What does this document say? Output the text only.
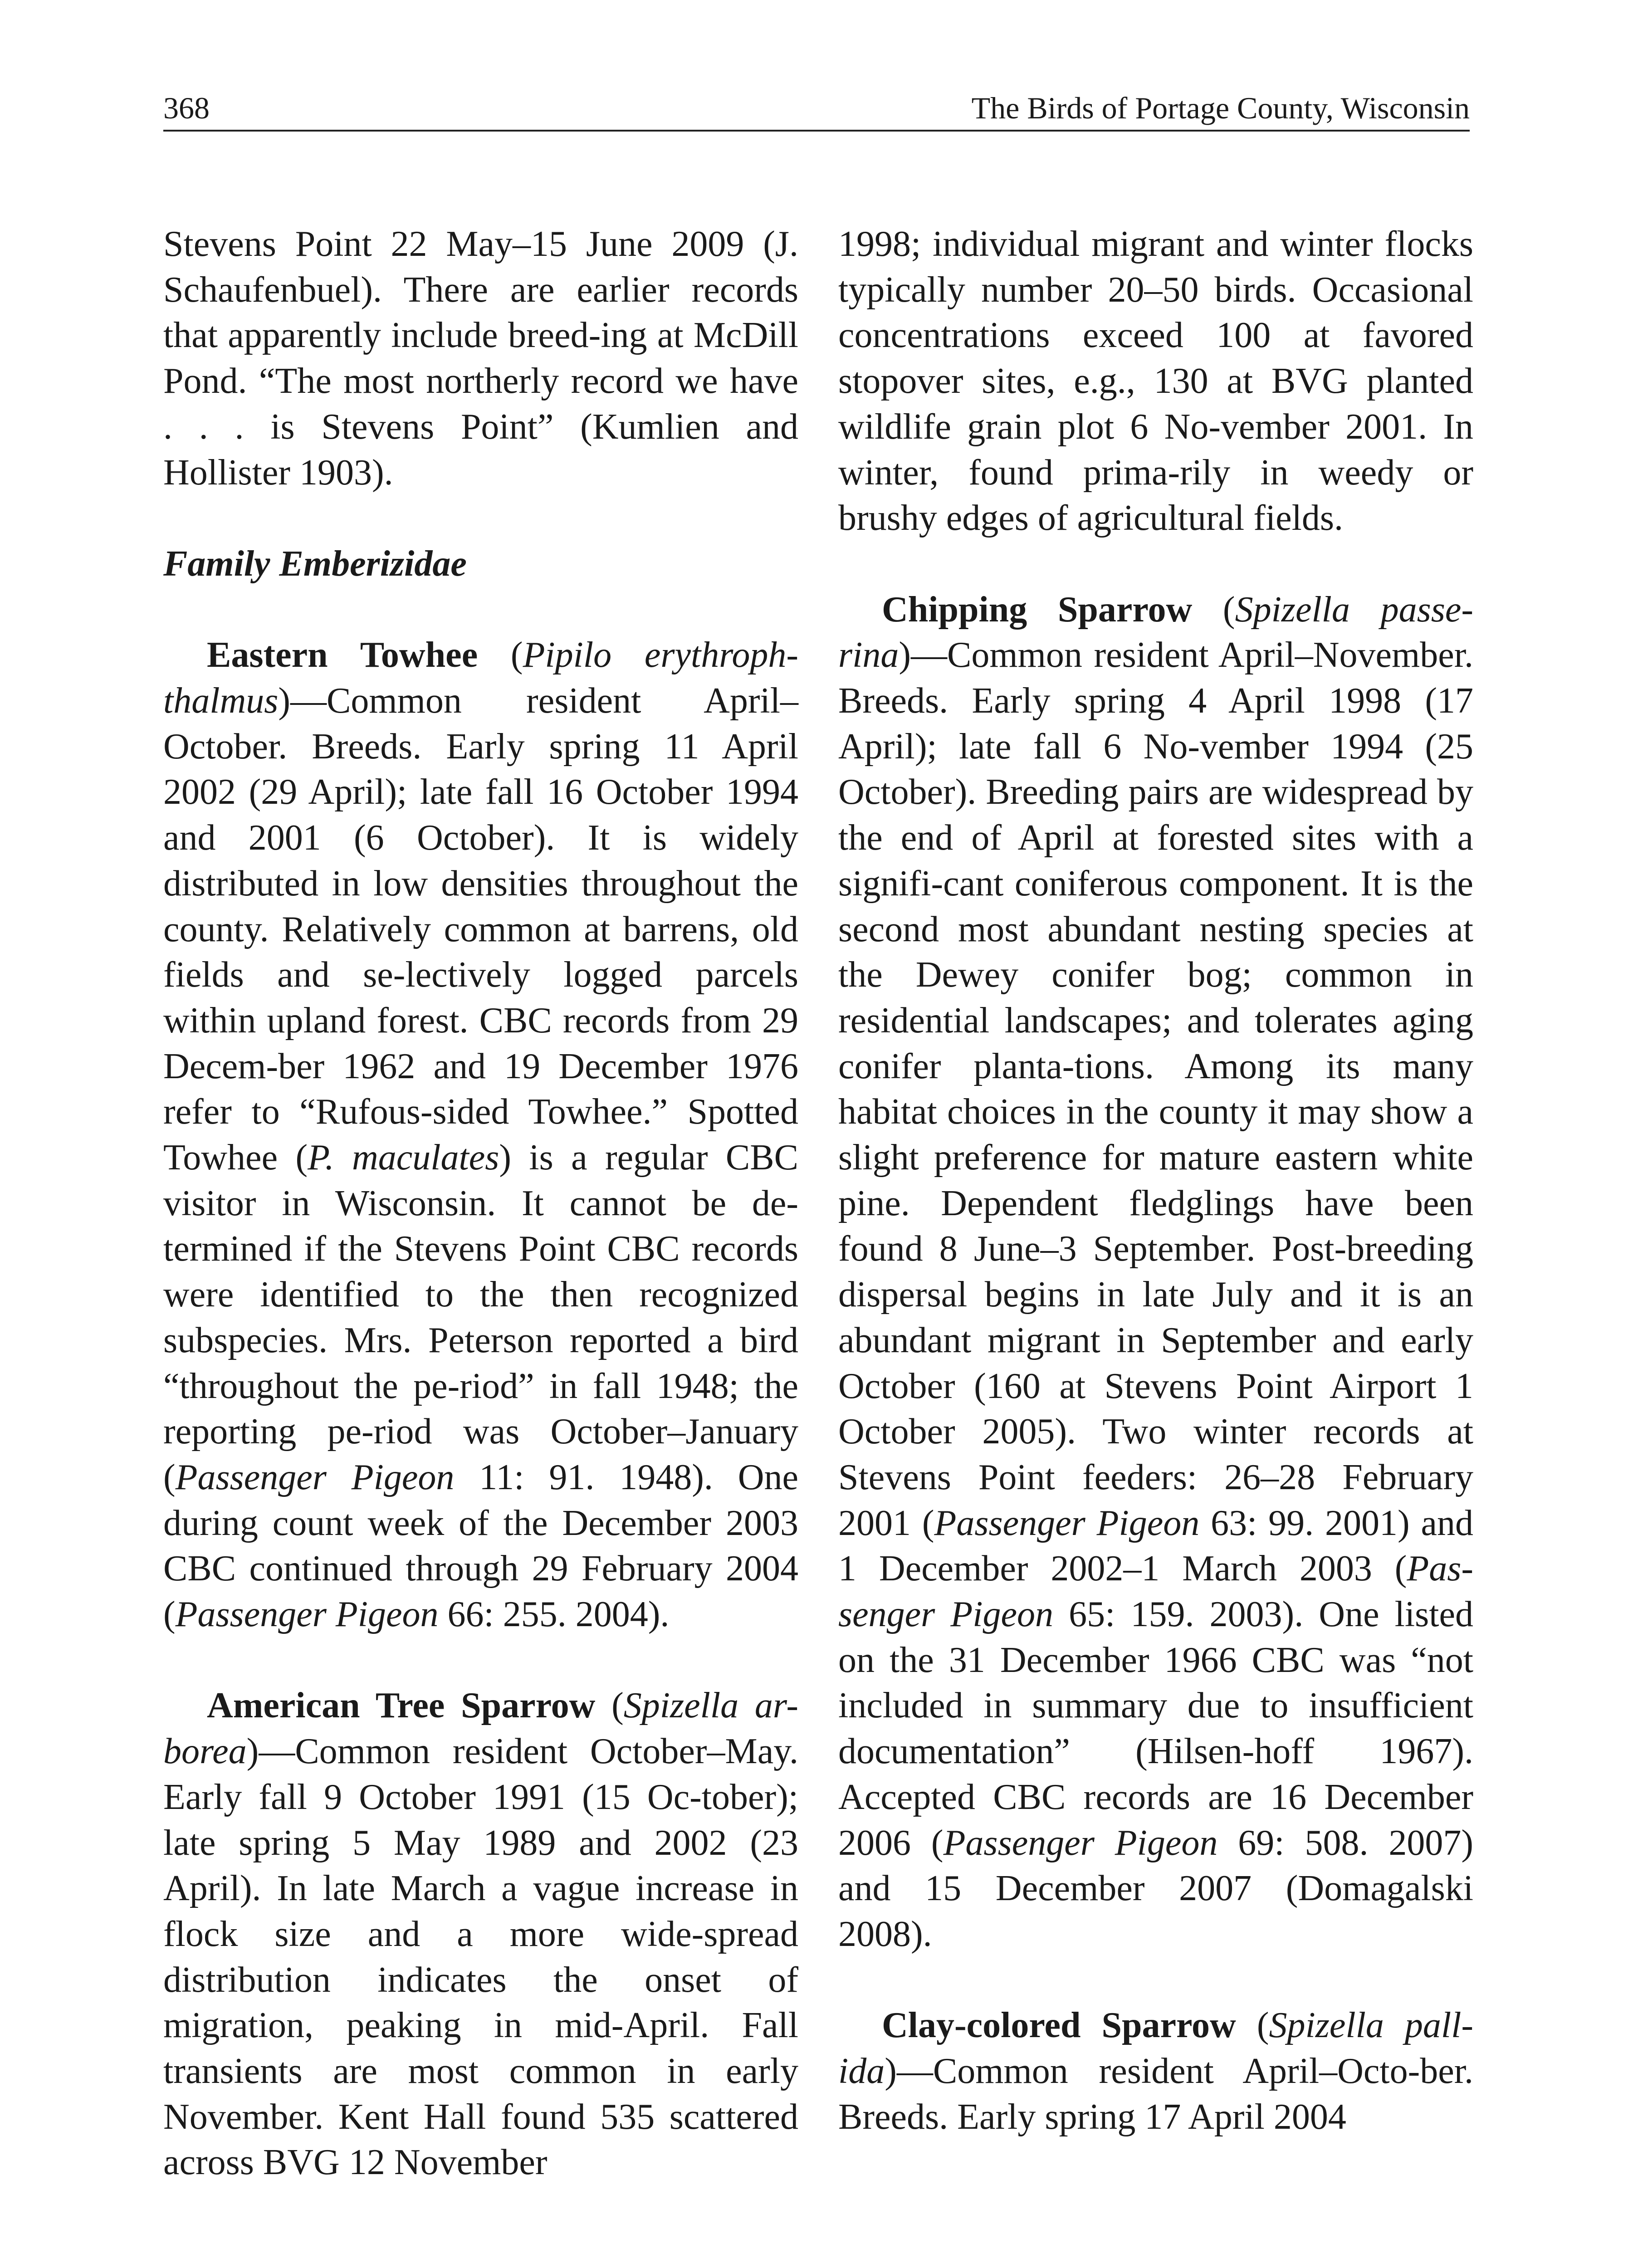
368	The Birds of Portage County, Wisconsin

Stevens Point 22 May–15 June 2009 (J. Schaufenbuel). There are earlier records that apparently include breed-ing at McDill Pond. “The most northerly record we have . . . is Stevens Point” (Kumlien and Hollister 1903).

Family Emberizidae

Eastern Towhee (Pipilo erythroph-thalmus)—Common resident April–October. Breeds. Early spring 11 April 2002 (29 April); late fall 16 October 1994 and 2001 (6 October). It is widely distributed in low densities throughout the county. Relatively common at barrens, old fields and se-lectively logged parcels within upland forest. CBC records from 29 Decem-ber 1962 and 19 December 1976 refer to “Rufous-sided Towhee.” Spotted Towhee (P. maculates) is a regular CBC visitor in Wisconsin. It cannot be de-termined if the Stevens Point CBC records were identified to the then recognized subspecies. Mrs. Peterson reported a bird “throughout the pe-riod” in fall 1948; the reporting pe-riod was October–January (Passenger Pigeon 11: 91. 1948). One during count week of the December 2003 CBC continued through 29 February 2004 (Passenger Pigeon 66: 255. 2004).

American Tree Sparrow (Spizella ar-borea)—Common resident October–May. Early fall 9 October 1991 (15 Oc-tober); late spring 5 May 1989 and 2002 (23 April). In late March a vague increase in flock size and a more wide-spread distribution indicates the onset of migration, peaking in mid-April. Fall transients are most common in early November. Kent Hall found 535 scattered across BVG 12 November

1998; individual migrant and winter flocks typically number 20–50 birds. Occasional concentrations exceed 100 at favored stopover sites, e.g., 130 at BVG planted wildlife grain plot 6 No-vember 2001. In winter, found prima-rily in weedy or brushy edges of agricultural fields.

Chipping Sparrow (Spizella passe-rina)—Common resident April–November. Breeds. Early spring 4 April 1998 (17 April); late fall 6 No-vember 1994 (25 October). Breeding pairs are widespread by the end of April at forested sites with a signifi-cant coniferous component. It is the second most abundant nesting species at the Dewey conifer bog; common in residential landscapes; and tolerates aging conifer planta-tions. Among its many habitat choices in the county it may show a slight preference for mature eastern white pine. Dependent fledglings have been found 8 June–3 September. Post-breeding dispersal begins in late July and it is an abundant migrant in September and early October (160 at Stevens Point Airport 1 October 2005). Two winter records at Stevens Point feeders: 26–28 February 2001 (Passenger Pigeon 63: 99. 2001) and 1 December 2002–1 March 2003 (Pas-senger Pigeon 65: 159. 2003). One listed on the 31 December 1966 CBC was “not included in summary due to insufficient documentation” (Hilsen-hoff 1967). Accepted CBC records are 16 December 2006 (Passenger Pigeon 69: 508. 2007) and 15 December 2007 (Domagalski 2008).

Clay-colored Sparrow (Spizella pall-ida)—Common resident April–Octo-ber. Breeds. Early spring 17 April 2004
